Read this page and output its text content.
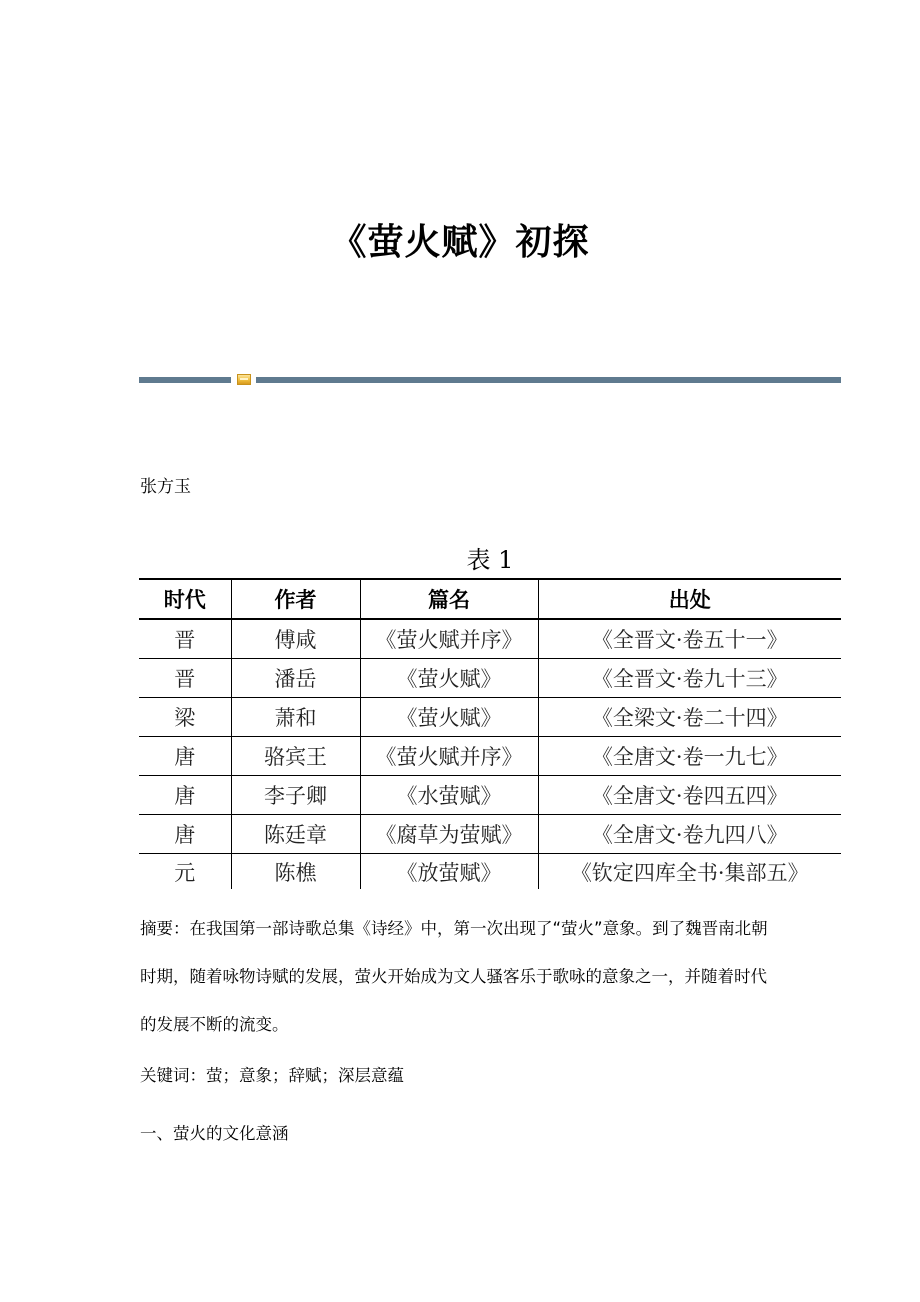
《萤火赋》初探

张方玉

表 1

时代	作者	篇名	出处
晋	傅咸	《萤火赋并序》	《全晋文·卷五十一》
晋	潘岳	《萤火赋》	《全晋文·卷九十三》
梁	萧和	《萤火赋》	《全梁文·卷二十四》
唐	骆宾王	《萤火赋并序》	《全唐文·卷一九七》
唐	李子卿	《水萤赋》	《全唐文·卷四五四》
唐	陈廷章	《腐草为萤赋》	《全唐文·卷九四八》
元	陈樵	《放萤赋》	《钦定四库全书·集部五》

摘要：在我国第一部诗歌总集《诗经》中，第一次出现了“萤火”意象。到了魏晋南北朝时期，随着咏物诗赋的发展，萤火开始成为文人骚客乐于歌咏的意象之一，并随着时代的发展不断的流变。

关键词：萤；意象；辞赋；深层意蕴

一、萤火的文化意涵
